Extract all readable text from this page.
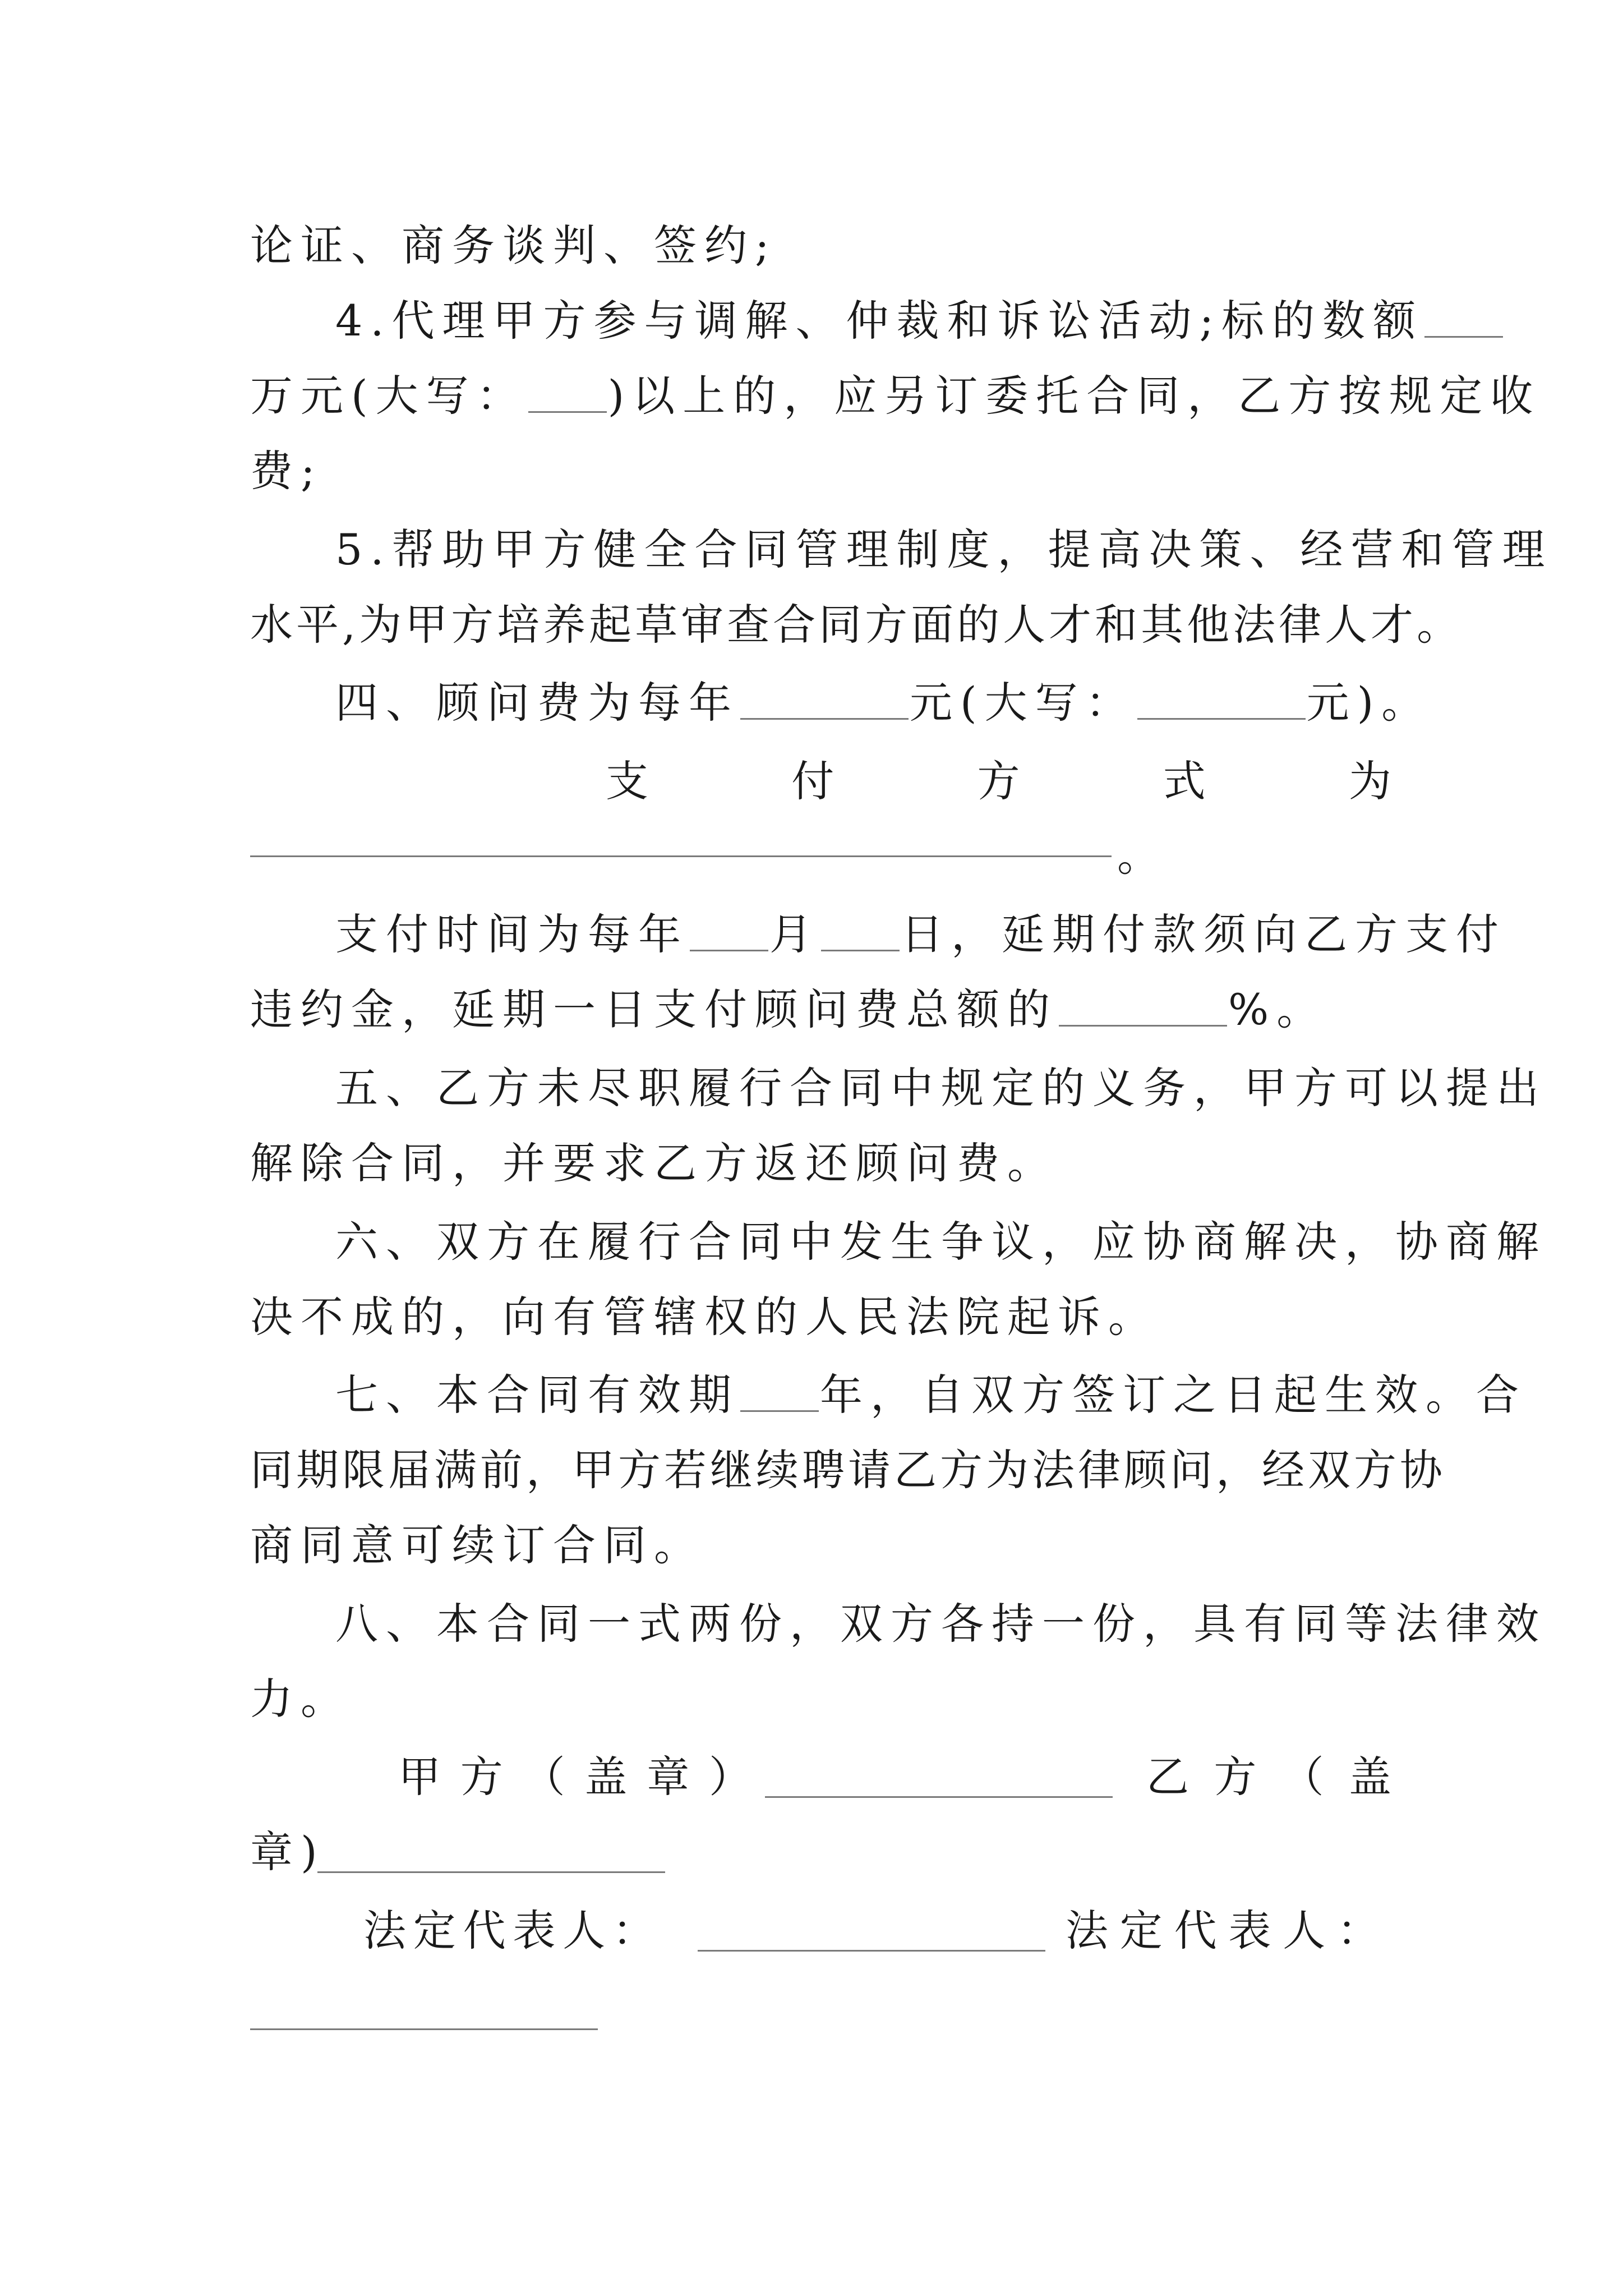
论证、商务谈判、签约;
4.代理甲方参与调解、仲裁和诉讼活动;标的数额
万元(大写： )以上的，应另订委托合同，乙方按规定收
费;
5.帮助甲方健全合同管理制度，提高决策、经营和管理
水平,为甲方培养起草审查合同方面的人才和其他法律人才。
四、顾问费为每年	元(大写：	元)。
支	付	方	式	为
。
支付时间为每年 月 日，延期付款须向乙方支付
违约金，延期一日支付顾问费总额的	%。
五、乙方未尽职履行合同中规定的义务，甲方可以提出
解除合同，并要求乙方返还顾问费。
六、双方在履行合同中发生争议，应协商解决，协商解
决不成的，向有管辖权的人民法院起诉。
七、本合同有效期 年，自双方签订之日起生效。合
同期限届满前，甲方若继续聘请乙方为法律顾问，经双方协
商同意可续订合同。
八、本合同一式两份，双方各持一份，具有同等法律效
力。
甲 方 （ 盖 章 ）	乙 方 （ 盖
章)
法 定 代 表 人 ：	法 定 代 表 人 ：
